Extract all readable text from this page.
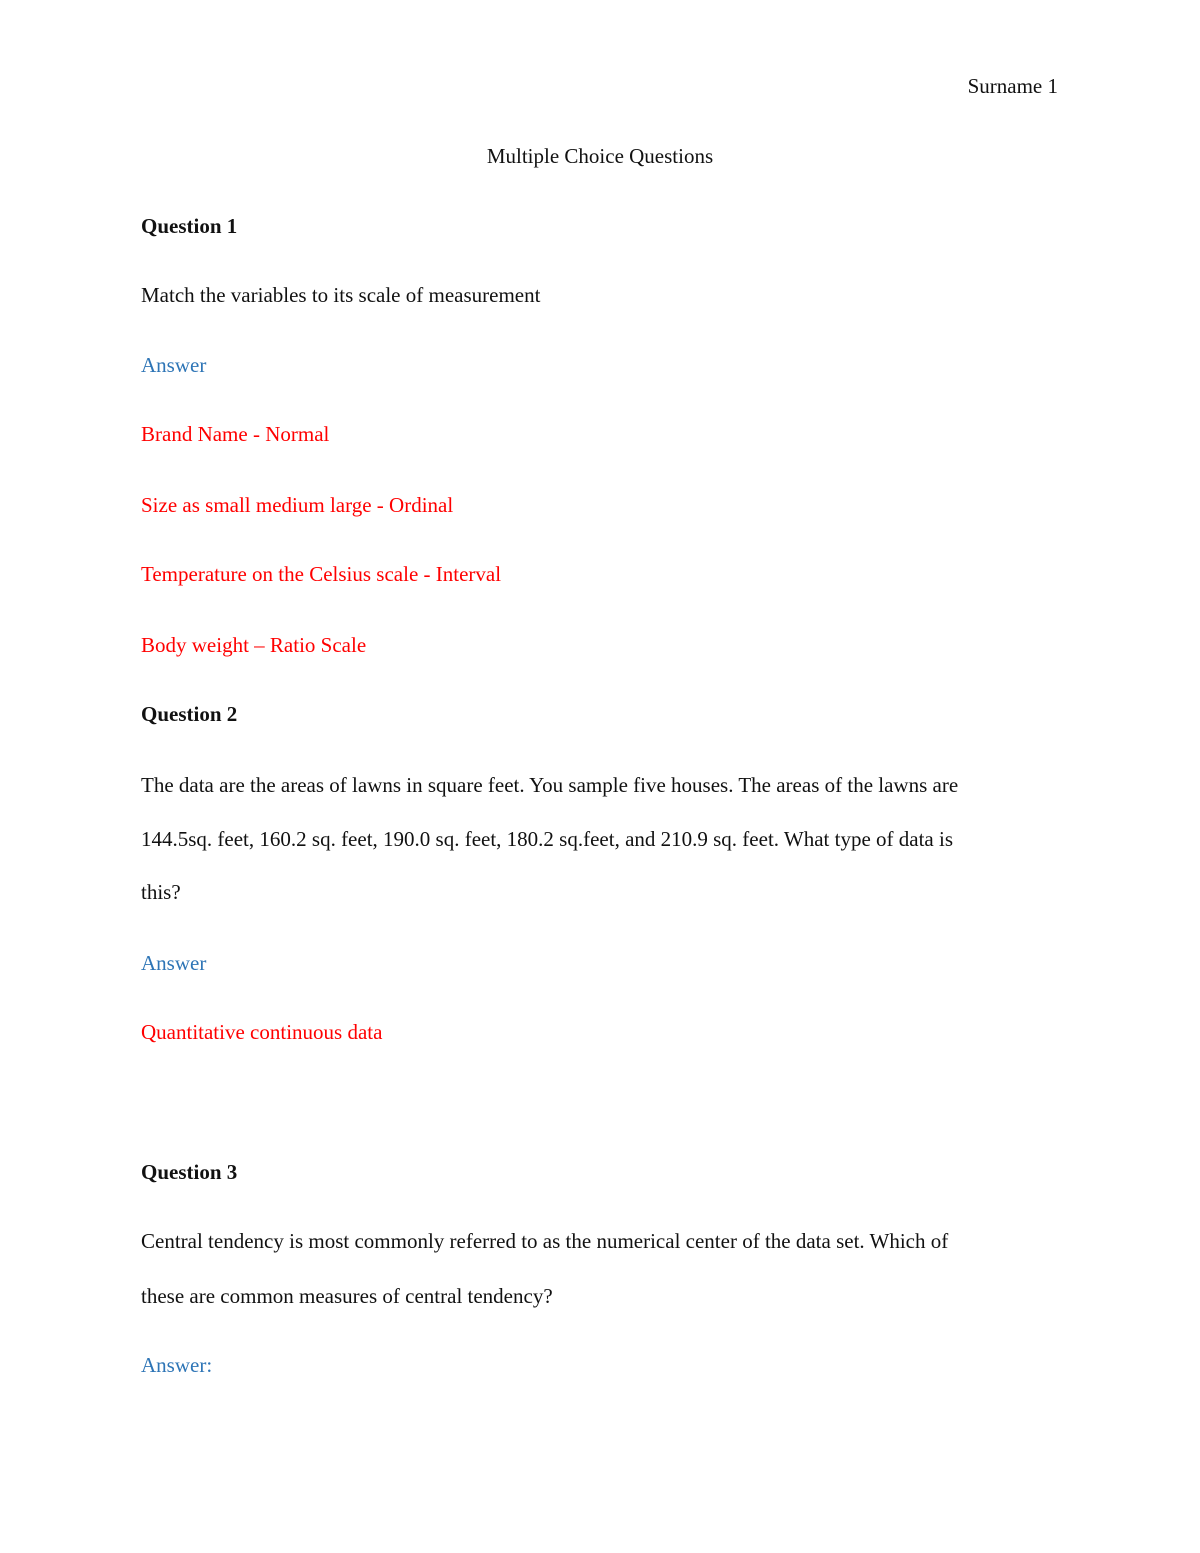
Surname 1
Multiple Choice Questions
Question 1
Match the variables to its scale of measurement
Answer
Brand Name - Normal
Size as small medium large - Ordinal
Temperature on the Celsius scale - Interval
Body weight – Ratio Scale
Question 2
The data are the areas of lawns in square feet. You sample five houses. The areas of the lawns are
144.5sq. feet, 160.2 sq. feet, 190.0 sq. feet, 180.2 sq.feet, and 210.9 sq. feet. What type of data is
this?
Answer
Quantitative continuous data
Question 3
Central tendency is most commonly referred to as the numerical center of the data set. Which of
these are common measures of central tendency?
Answer:
